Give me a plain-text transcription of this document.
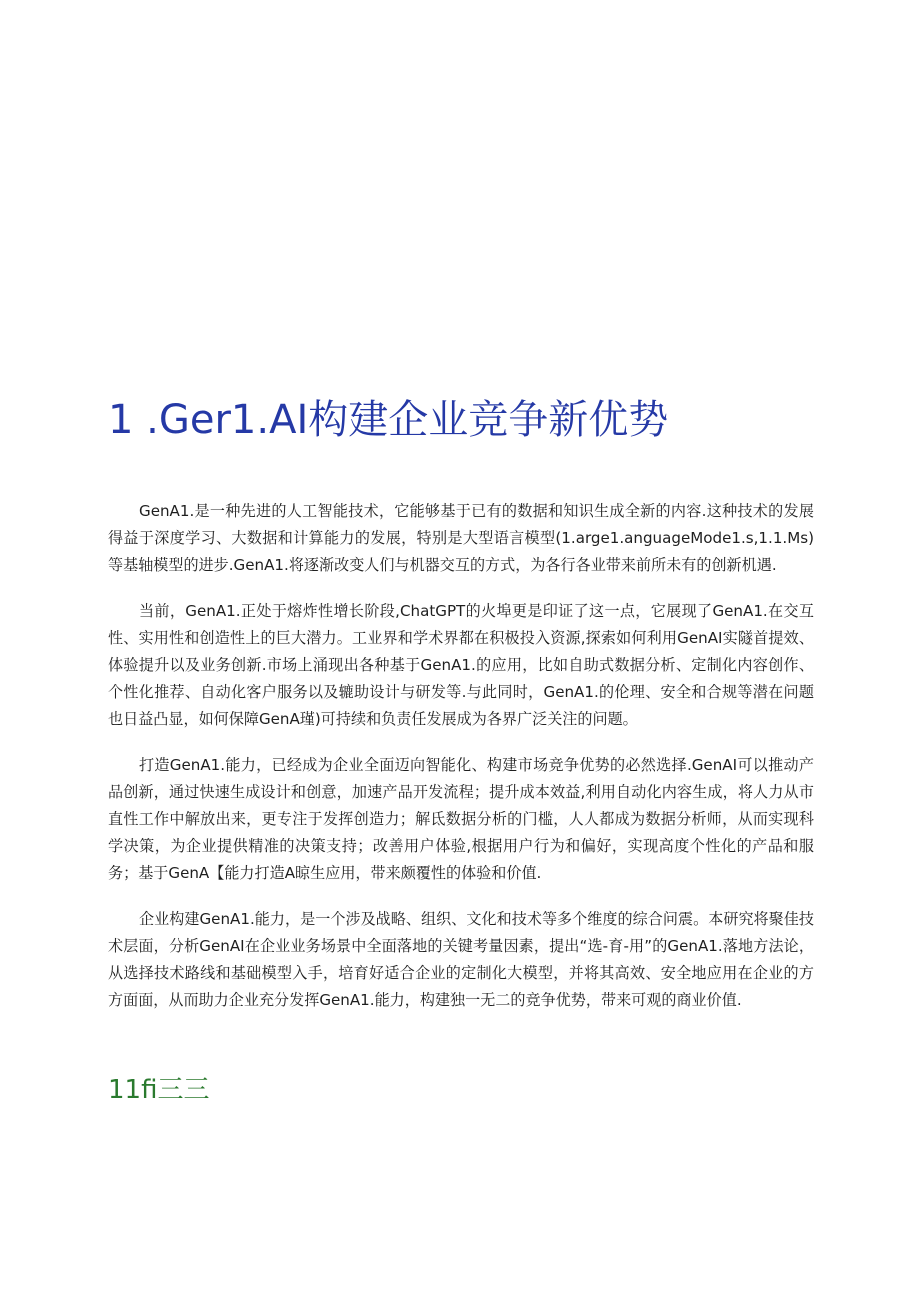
1 .Ger1.AI构建企业竞争新优势

GenA1.是一种先进的人工智能技术，它能够基于已有的数据和知识生成全新的内容.这种技术的发展得益于深度学习、大数据和计算能力的发展，特别是大型语言模型(1.arge1.anguageMode1.s,1.1.Ms)等基轴模型的进步.GenA1.将逐渐改变人们与机器交互的方式，为各行各业带来前所未有的创新机遇.

当前，GenA1.正处于熔炸性增长阶段,ChatGPT的火埠更是印证了这一点，它展现了GenA1.在交互性、实用性和创造性上的巨大潜力。工业界和学术界都在积极投入资源,探索如何利用GenAI实隧首提效、体验提升以及业务创新.市场上涌现出各种基于GenA1.的应用，比如自助式数据分析、定制化内容创作、个性化推荐、自动化客户服务以及辘助设计与研发等.与此同时，GenA1.的伦理、安全和合规等潜在问题也日益凸显，如何保障GenA瑾)可持续和负责任发展成为各界广泛关注的问题。

打造GenA1.能力，已经成为企业全面迈向智能化、构建市场竞争优势的必然选择.GenAI可以推动产品创新，通过快速生成设计和创意，加速产品开发流程；提升成本效益,利用自动化内容生成，将人力从市直性工作中解放出来，更专注于发挥创造力；解氐数据分析的门槛，人人都成为数据分析师，从而实现科学决策，为企业提供精准的决策支持；改善用户体验,根据用户行为和偏好，实现高度个性化的产品和服务；基于GenA【能力打造A晾生应用，带来颇覆性的体验和价值.

企业构建GenA1.能力，是一个涉及战略、组织、文化和技术等多个维度的综合问震。本研究将聚佳技术层面，分析GenAI在企业业务场景中全面落地的关键考量因素，提出“选-育-用”的GenA1.落地方法论，从选择技术路线和基础模型入手，培育好适合企业的定制化大模型，并将其高效、安全地应用在企业的方方面面，从而助力企业充分发挥GenA1.能力，构建独一无二的竞争优势，带来可观的商业价值.

11fi三三
